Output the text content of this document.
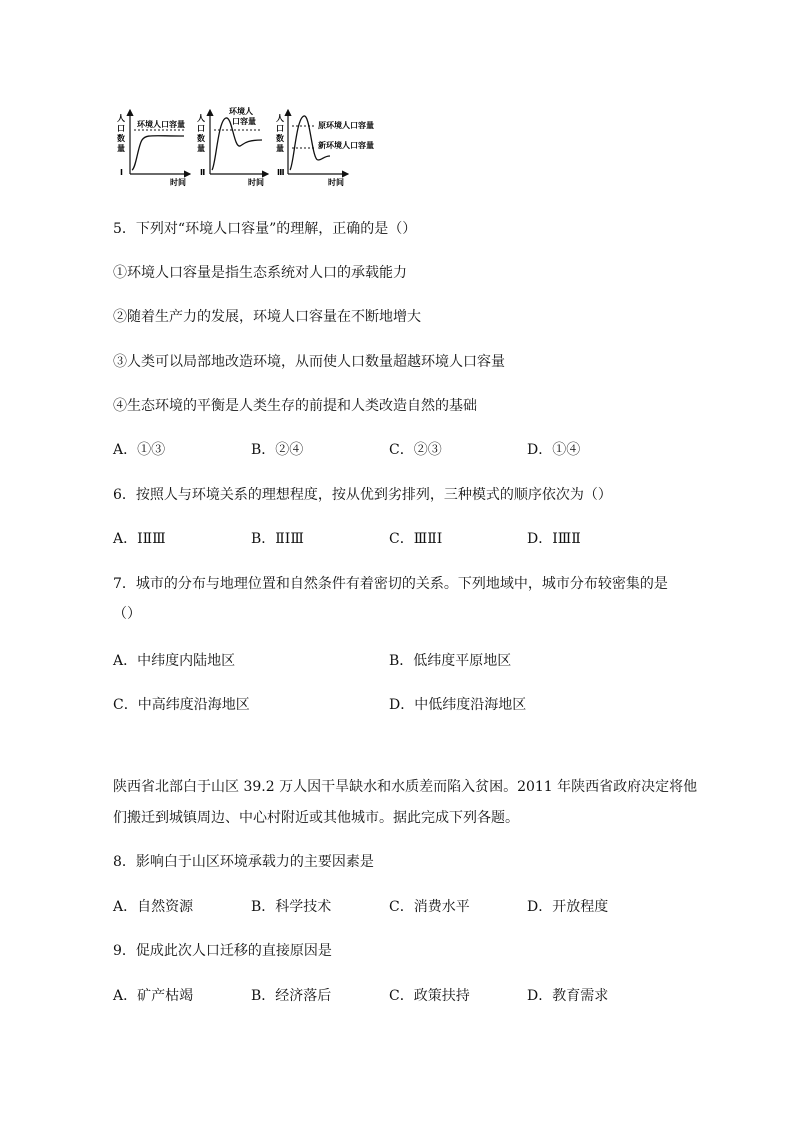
人
口
数
量
Ⅰ
时间
环境人口容量
人
口
数
量
Ⅱ
时间
环境人
口容量	人
口
数
量
Ⅲ
时间
原环境人口容量
新环境人口容量
5．下列对“环境人口容量”的理解，正确的是（）
①环境人口容量是指生态系统对人口的承载能力
②随着生产力的发展，环境人口容量在不断地增大
③人类可以局部地改造环境，从而使人口数量超越环境人口容量
④生态环境的平衡是人类生存的前提和人类改造自然的基础
A．①③	B．②④	C．②③	D．①④
6．按照人与环境关系的理想程度，按从优到劣排列，三种模式的顺序依次为（）
A．ⅠⅡⅢ	B．ⅡⅠⅢ	C．ⅢⅡⅠ	D．ⅠⅢⅡ
7．城市的分布与地理位置和自然条件有着密切的关系。下列地域中，城市分布较密集的是
（）
A．中纬度内陆地区	B．低纬度平原地区
C．中高纬度沿海地区	D．中低纬度沿海地区
陕西省北部白于山区 39.2 万人因干旱缺水和水质差而陷入贫困。2011 年陕西省政府决定将他
们搬迁到城镇周边、中心村附近或其他城市。据此完成下列各题。
8．影响白于山区环境承载力的主要因素是
A．自然资源	B．科学技术	C．消费水平	D．开放程度
9．促成此次人口迁移的直接原因是
A．矿产枯竭	B．经济落后	C．政策扶持	D．教育需求
